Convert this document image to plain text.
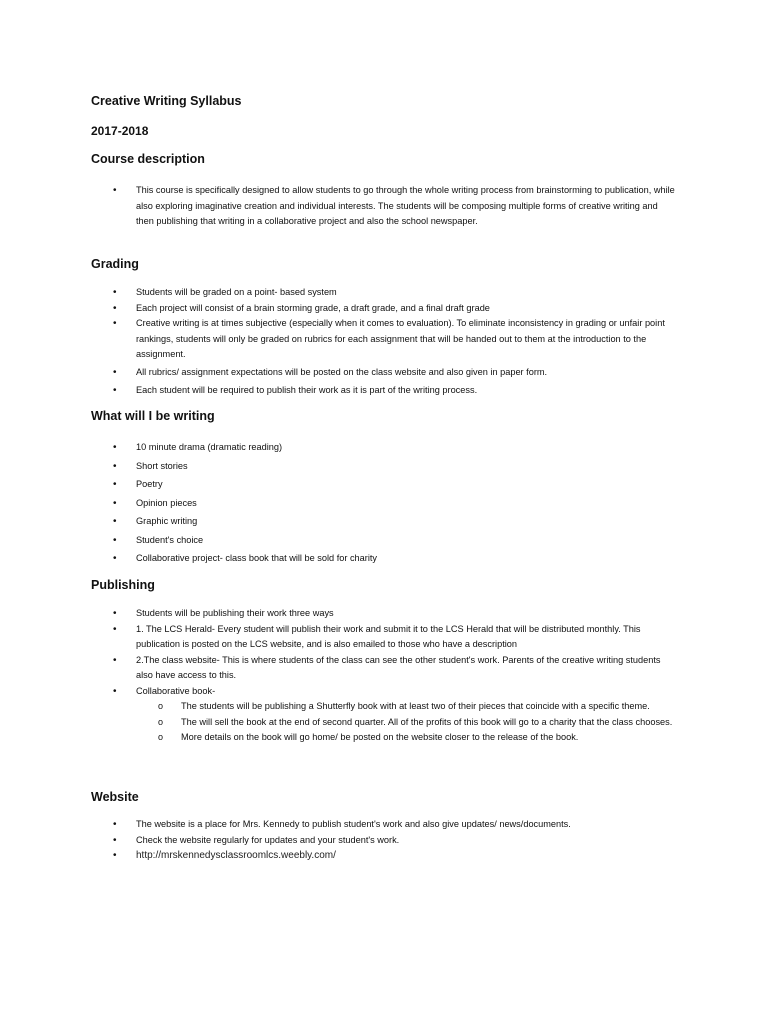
Creative Writing Syllabus
2017-2018
Course description
• This course is specifically designed to allow students to go through the whole writing process from brainstorming to publication, while also exploring imaginative creation and individual interests. The students will be composing multiple forms of creative writing and then publishing that writing in a collaborative project and also the school newspaper.
Grading
• Students will be graded on a point- based system
• Each project will consist of a brain storming grade, a draft grade, and a final draft grade
• Creative writing is at times subjective (especially when it comes to evaluation). To eliminate inconsistency in grading or unfair point rankings, students will only be graded on rubrics for each assignment that will be handed out to them at the introduction to the assignment.
• All rubrics/ assignment expectations will be posted on the class website and also given in paper form.
• Each student will be required to publish their work as it is part of the writing process.
What will I be writing
• 10 minute drama (dramatic reading)
• Short stories
• Poetry
• Opinion pieces
• Graphic writing
• Student's choice
• Collaborative project- class book that will be sold for charity
Publishing
• Students will be publishing their work three ways
• 1. The LCS Herald- Every student will publish their work and submit it to the LCS Herald that will be distributed monthly. This publication is posted on the LCS website, and is also emailed to those who have a description
• 2.The class website- This is where students of the class can see the other student's work. Parents of the creative writing students also have access to this.
• Collaborative book-
o The students will be publishing a Shutterfly book with at least two of their pieces that coincide with a specific theme.
o The will sell the book at the end of second quarter. All of the profits of this book will go to a charity that the class chooses.
o More details on the book will go home/ be posted on the website closer to the release of the book.
Website
• The website is a place for Mrs. Kennedy to publish student's work and also give updates/ news/documents.
• Check the website regularly for updates and your student's work.
• http://mrskennedysclassroomlcs.weebly.com/
